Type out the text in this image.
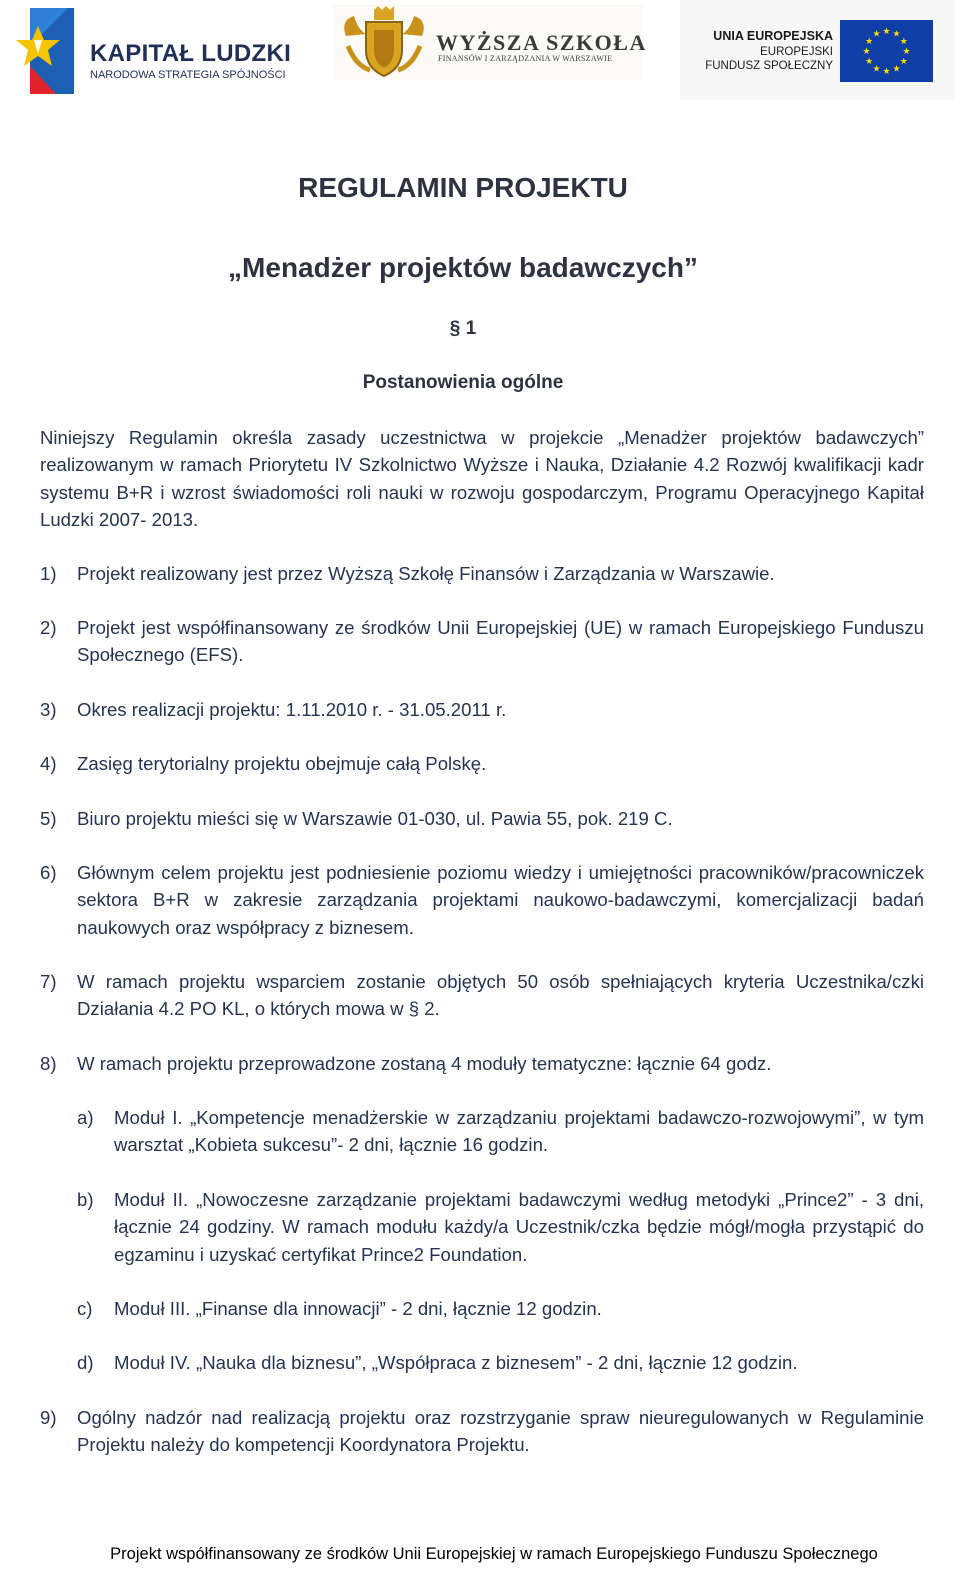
KAPITAŁ LUDZKI
NARODOWA STRATEGIA SPÓJNOŚCI
WYŻSZA SZKOŁA
FINANSÓW I ZARZĄDZANIA W WARSZAWIE
UNIA EUROPEJSKA
EUROPEJSKI
FUNDUSZ SPOŁECZNY
★ ★
★
★
★
★
★
★
★
★
★
★
REGULAMIN PROJEKTU
„Menadżer projektów badawczych”
§ 1
Postanowienia ogólne
Niniejszy Regulamin określa zasady uczestnictwa w projekcie „Menadżer projektów badawczych” realizowanym w ramach Priorytetu IV Szkolnictwo Wyższe i Nauka, Działanie 4.2 Rozwój kwalifikacji kadr systemu B+R i wzrost świadomości roli nauki w rozwoju gospodarczym, Programu Operacyjnego Kapitał Ludzki 2007- 2013.
1) Projekt realizowany jest przez Wyższą Szkołę Finansów i Zarządzania w Warszawie.
2) Projekt jest współfinansowany ze środków Unii Europejskiej (UE) w ramach Europejskiego Funduszu Społecznego (EFS).
3) Okres realizacji projektu: 1.11.2010 r. - 31.05.2011 r.
4) Zasięg terytorialny projektu obejmuje całą Polskę.
5) Biuro projektu mieści się w Warszawie 01-030, ul. Pawia 55, pok. 219 C.
6) Głównym celem projektu jest podniesienie poziomu wiedzy i umiejętności pracowników/pracowniczek sektora B+R w zakresie zarządzania projektami naukowo-badawczymi, komercjalizacji badań naukowych oraz współpracy z biznesem.
7) W ramach projektu wsparciem zostanie objętych 50 osób spełniających kryteria Uczestnika/czki Działania 4.2 PO KL, o których mowa w § 2.
8) W ramach projektu przeprowadzone zostaną 4 moduły tematyczne: łącznie 64 godz.
a) Moduł I. „Kompetencje menadżerskie w zarządzaniu projektami badawczo-rozwojowymi”, w tym warsztat „Kobieta sukcesu”- 2 dni, łącznie 16 godzin.
b) Moduł II. „Nowoczesne zarządzanie projektami badawczymi według metodyki „Prince2” - 3 dni, łącznie 24 godziny. W ramach modułu każdy/a Uczestnik/czka będzie mógł/mogła przystąpić do egzaminu i uzyskać certyfikat Prince2 Foundation.
c) Moduł III. „Finanse dla innowacji” - 2 dni, łącznie 12 godzin.
d) Moduł IV. „Nauka dla biznesu”, „Współpraca z biznesem” - 2 dni, łącznie 12 godzin.
9) Ogólny nadzór nad realizacją projektu oraz rozstrzyganie spraw nieuregulowanych w Regulaminie Projektu należy do kompetencji Koordynatora Projektu.
Projekt współfinansowany ze środków Unii Europejskiej w ramach Europejskiego Funduszu Społecznego
